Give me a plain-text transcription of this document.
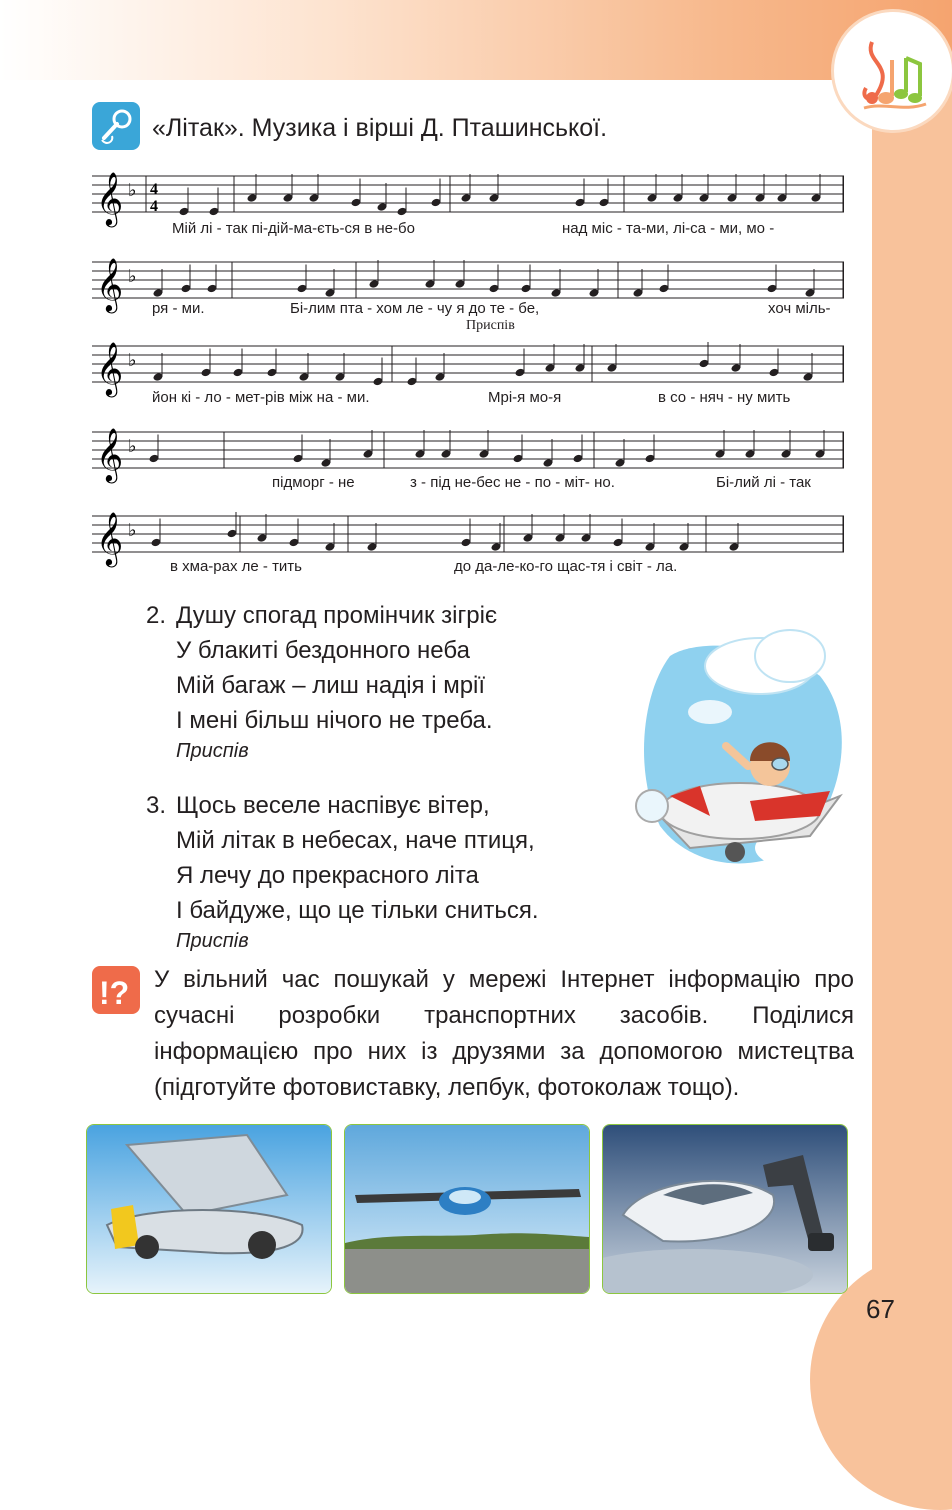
«Літак». Музика і вірші Д. Пташинської.
𝄞 ♭ 4
4
𝄞 ♭
𝄞 ♭
𝄞 ♭
𝄞 ♭
Приспів
Мій лі - так пі-дій-ма-єть-ся в не-бо	над міс - та-ми, лі-са - ми, мо -
ря - ми.	Бі-лим пта - хом ле - чу я до те - бе,	хоч міль-
йон кі - ло - мет-рів між на - ми.	Мрі-я мо-я	в со - няч - ну мить
підморг - не	з - під не-бес не - по - міт- но.	Бі-лий лі - так
в хма-рах ле - тить	до да-ле-ко-го щас-тя і світ - ла.
2. Душу спогад промінчик зігріє
У блакиті бездонного неба
Мій багаж – лиш надія і мрії
І мені більш нічого не треба.
Приспів
3. Щось веселе наспівує вітер,
Мій літак в небесах, наче птиця,
Я лечу до прекрасного літа
І байдуже, що це тільки сниться.
Приспів
!? У вільний час пошукай у мережі Інтернет інформацію про сучасні розробки транспортних засобів. Поділися інформацією про них із друзями за допомогою мистецтва (підготуйте фотовиставку, лепбук, фотоколаж тощо).
67
